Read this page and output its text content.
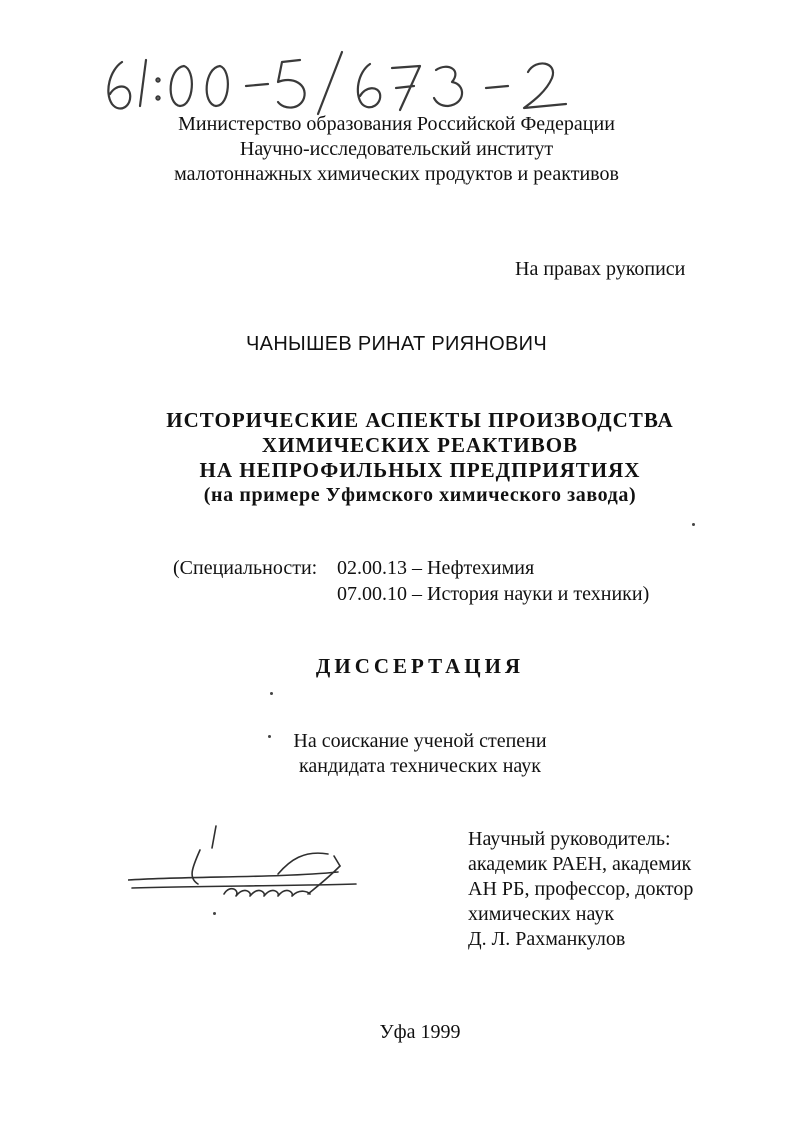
Министерство образования Российской Федерации
Научно-исследовательский институт
малотоннажных химических продуктов и реактивов
На правах рукописи
ЧАНЫШЕВ РИНАТ РИЯНОВИЧ
ИСТОРИЧЕСКИЕ АСПЕКТЫ ПРОИЗВОДСТВА
ХИМИЧЕСКИХ РЕАКТИВОВ
НА НЕПРОФИЛЬНЫХ ПРЕДПРИЯТИЯХ
(на примере Уфимского химического завода)
(Специальности: 02.00.13 – Нефтехимия
07.00.10 – История науки и техники)
ДИССЕРТАЦИЯ
На соискание ученой степени
кандидата технических наук
Научный руководитель:
академик РАЕН, академик
АН РБ, профессор, доктор
химических наук
Д. Л. Рахманкулов
Уфа 1999
